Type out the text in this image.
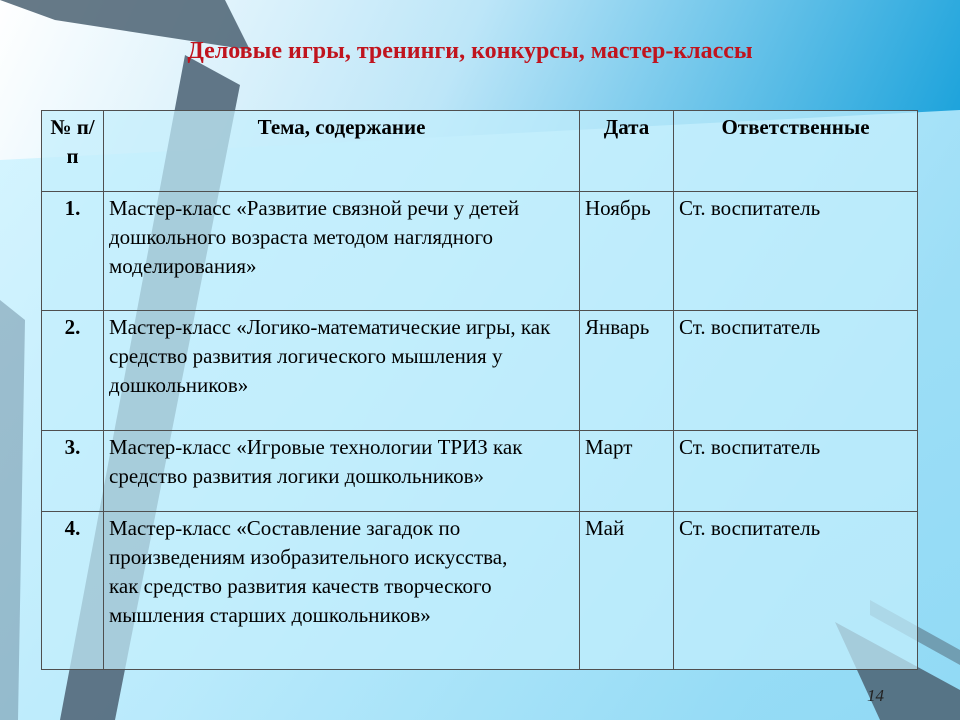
Деловые игры, тренинги, конкурсы, мастер-классы
№ п/п	Тема, содержание	Дата	Ответственные
1.	Мастер-класс «Развитие связной речи у детей дошкольного возраста методом наглядного моделирования»	Ноябрь	Ст. воспитатель
2.	Мастер-класс «Логико-математические игры, как средство развития логического мышления у дошкольников»	Январь	Ст. воспитатель
3.	Мастер-класс «Игровые технологии ТРИЗ как средство развития логики дошкольников»	Март	Ст. воспитатель
4.	Мастер-класс «Составление загадок по произведениям изобразительного искусства,
как средство развития качеств творческого
мышления старших дошкольников»	Май	Ст. воспитатель
14
